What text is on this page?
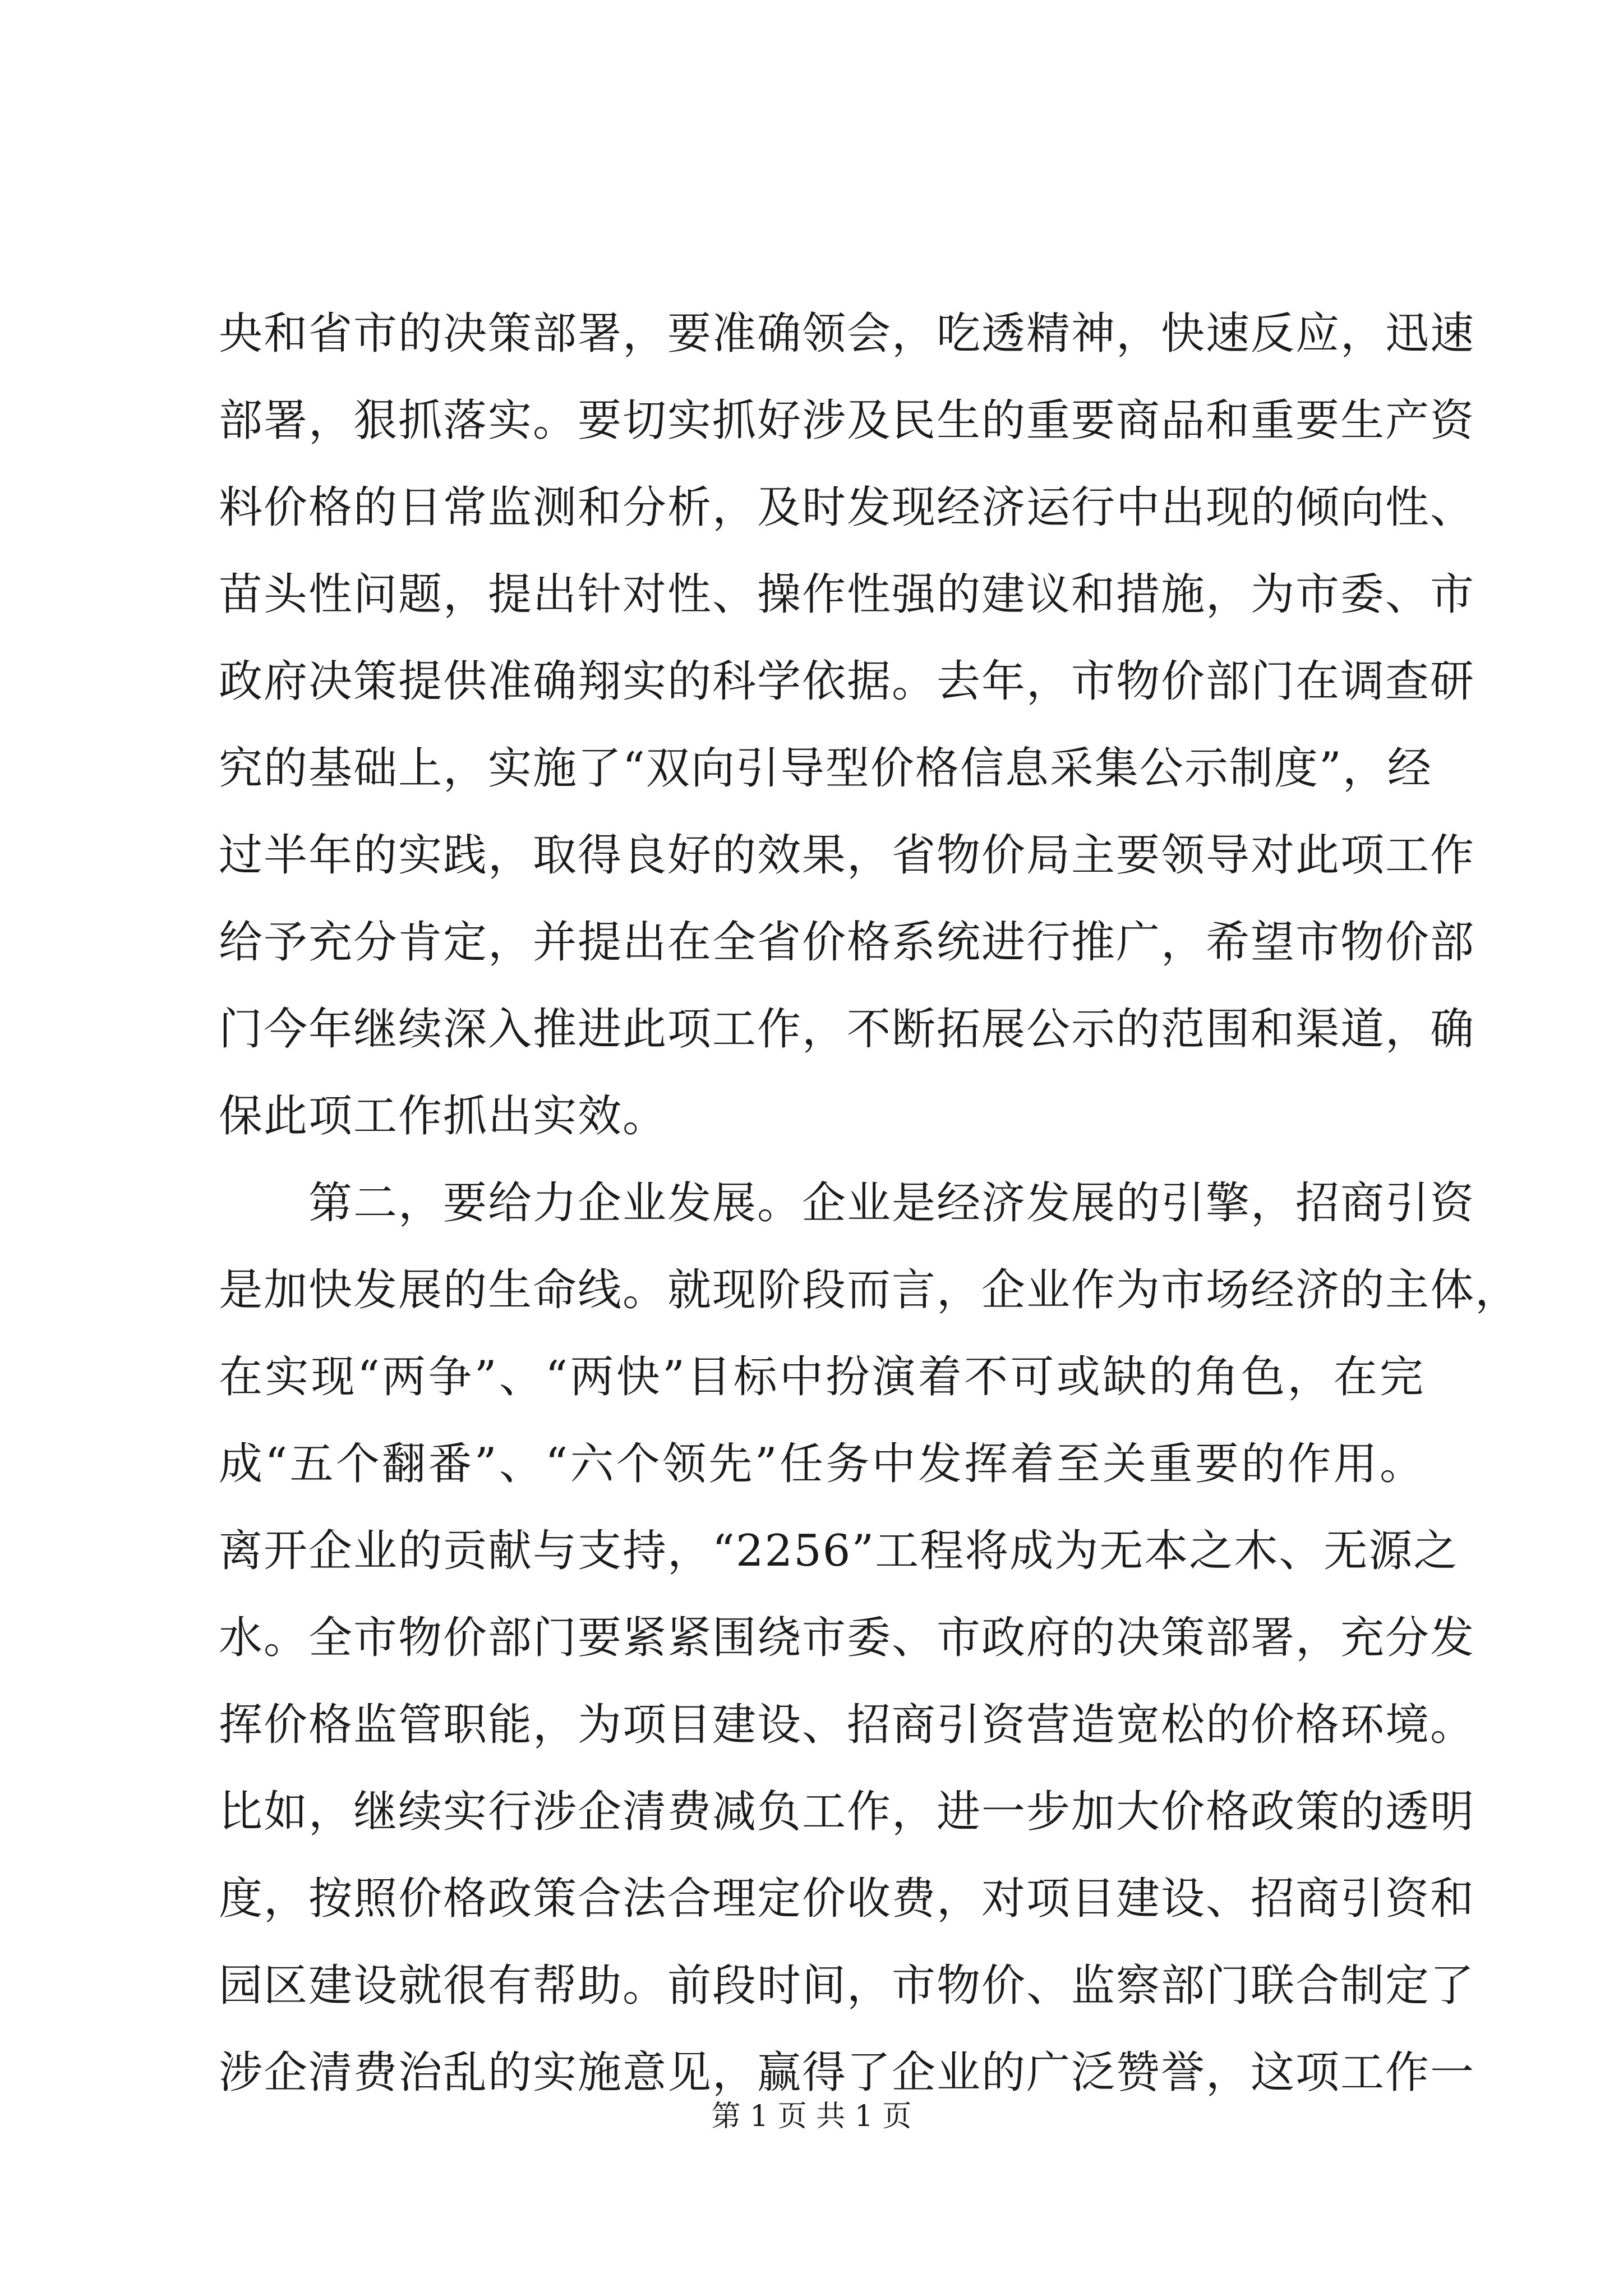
央和省市的决策部署，要准确领会，吃透精神，快速反应，迅速
部署，狠抓落实。要切实抓好涉及民生的重要商品和重要生产资
料价格的日常监测和分析，及时发现经济运行中出现的倾向性、
苗头性问题，提出针对性、操作性强的建议和措施，为市委、市
政府决策提供准确翔实的科学依据。去年，市物价部门在调查研
究的基础上，实施了“双向引导型价格信息采集公示制度”，经
过半年的实践，取得良好的效果，省物价局主要领导对此项工作
给予充分肯定，并提出在全省价格系统进行推广，希望市物价部
门今年继续深入推进此项工作，不断拓展公示的范围和渠道，确
保此项工作抓出实效。
　　第二，要给力企业发展。企业是经济发展的引擎，招商引资
是加快发展的生命线。就现阶段而言，企业作为市场经济的主体，
在实现“两争”、“两快”目标中扮演着不可或缺的角色，在完
成“五个翻番”、“六个领先”任务中发挥着至关重要的作用。
离开企业的贡献与支持，“2256”工程将成为无本之木、无源之
水。全市物价部门要紧紧围绕市委、市政府的决策部署，充分发
挥价格监管职能，为项目建设、招商引资营造宽松的价格环境。
比如，继续实行涉企清费减负工作，进一步加大价格政策的透明
度，按照价格政策合法合理定价收费，对项目建设、招商引资和
园区建设就很有帮助。前段时间，市物价、监察部门联合制定了
涉企清费治乱的实施意见，赢得了企业的广泛赞誉，这项工作一
第 1 页 共 1 页
